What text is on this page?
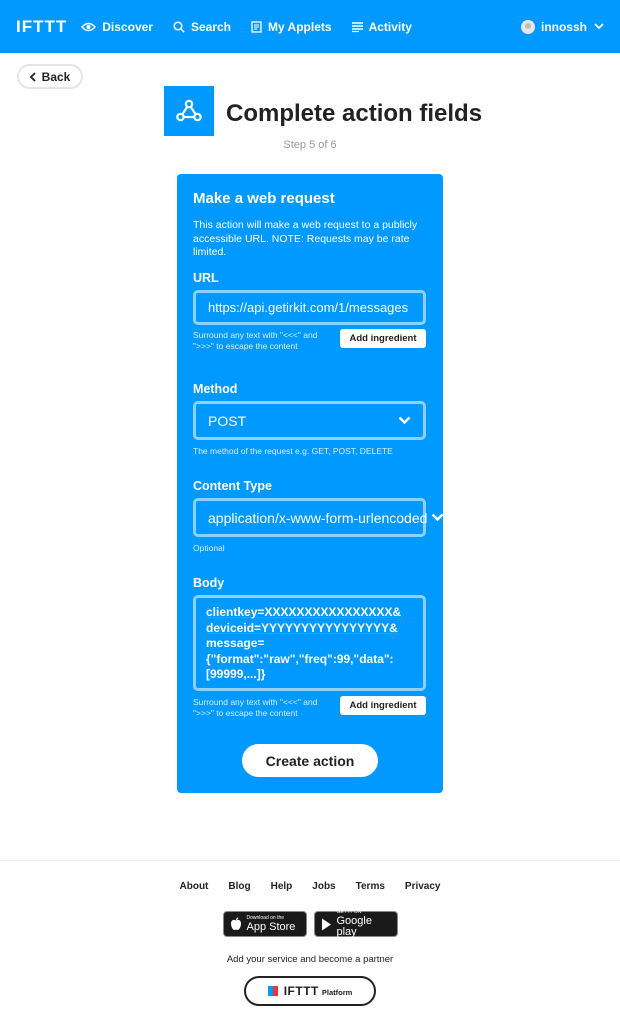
IFTTT	Discover	Search	My Applets	Activity	innossh
Back
Complete action fields
Step 5 of 6
Make a web request
This action will make a web request to a publicly accessible URL. NOTE: Requests may be rate limited.
URL
https://api.getirkit.com/1/messages
Surround any text with "<<<" and ">>>" to escape the content
Add ingredient
Method
POST
The method of the request e.g. GET, POST, DELETE
Content Type
application/x-www-form-urlencoded
Optional
Body
clientkey=XXXXXXXXXXXXXXXX&
deviceid=YYYYYYYYYYYYYYYY&
message=
{"format":"raw","freq":99,"data":
[99999,...]}
Surround any text with "<<<" and ">>>" to escape the content
Add ingredient
Create action
About Blog Help Jobs Terms Privacy
Download on the
App Store
GET IT ON
Google play
Add your service and become a partner
IFTTT Platform
